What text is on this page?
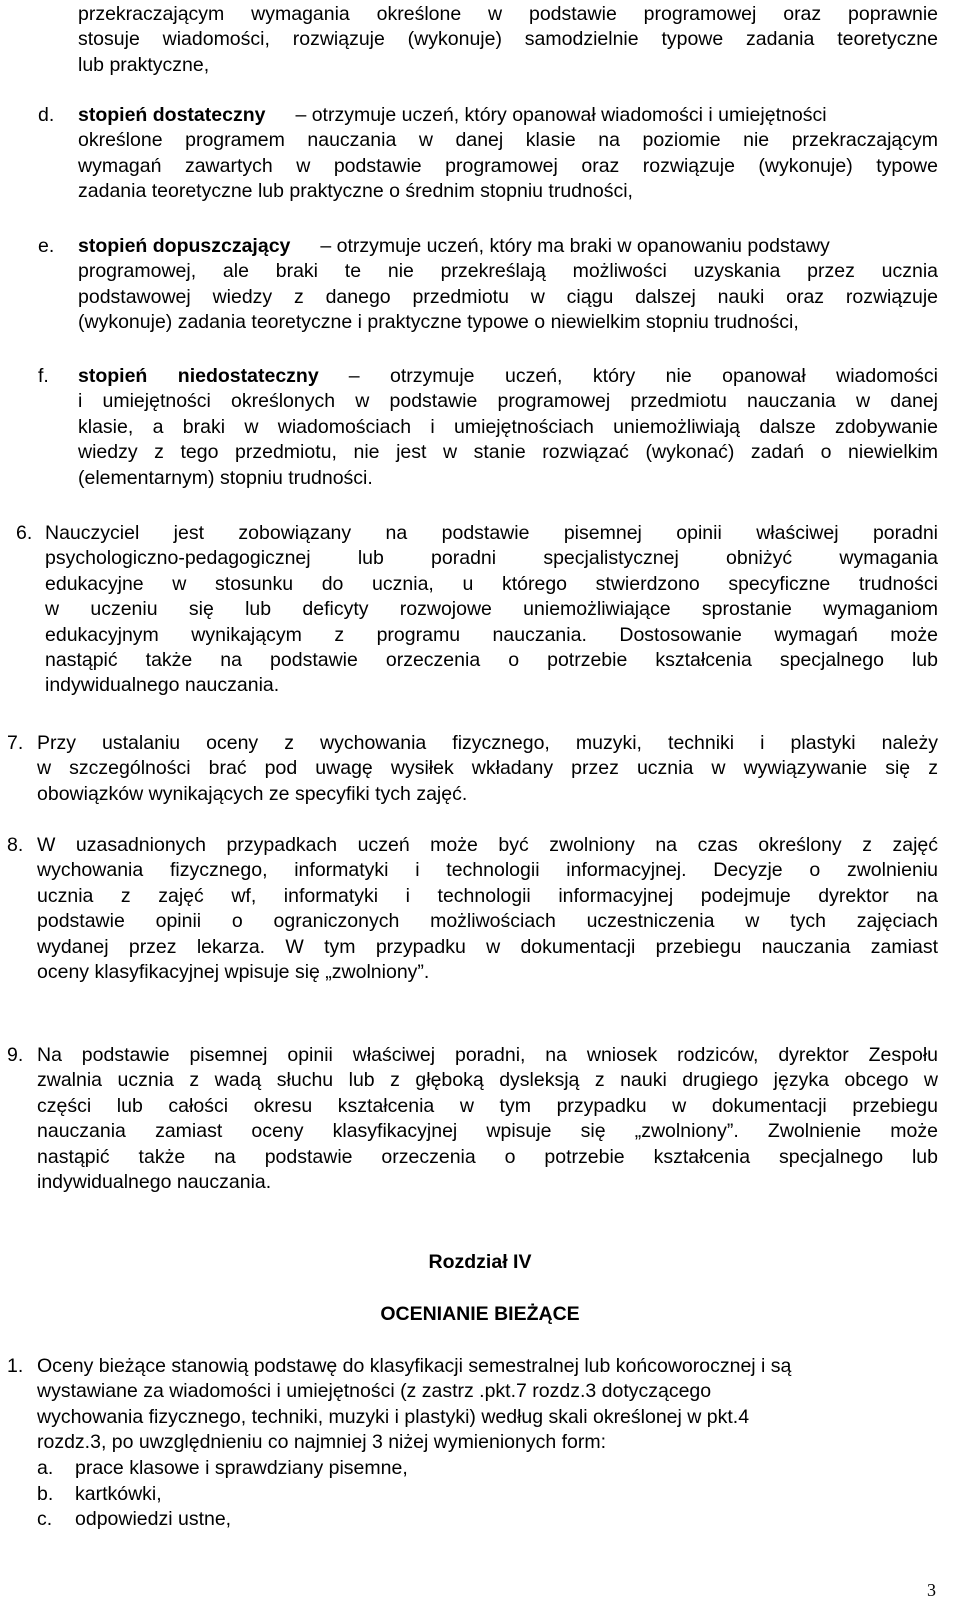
przekraczającym wymagania określone w podstawie programowej oraz poprawnie
stosuje wiadomości, rozwiązuje (wykonuje) samodzielnie typowe zadania teoretyczne
lub praktyczne,
d. stopień dostateczny – otrzymuje uczeń, który opanował wiadomości i umiejętności
określone programem nauczania w danej klasie na poziomie nie przekraczającym
wymagań zawartych w podstawie programowej oraz rozwiązuje (wykonuje) typowe
zadania teoretyczne lub praktyczne o średnim stopniu trudności,
e. stopień dopuszczający – otrzymuje uczeń, który ma braki w opanowaniu podstawy
programowej, ale braki te nie przekreślają możliwości uzyskania przez ucznia
podstawowej wiedzy z danego przedmiotu w ciągu dalszej nauki oraz rozwiązuje
(wykonuje) zadania teoretyczne i praktyczne typowe o niewielkim stopniu trudności,
f. stopień niedostateczny – otrzymuje uczeń, który nie opanował wiadomości
i umiejętności określonych w podstawie programowej przedmiotu nauczania w danej
klasie, a braki w wiadomościach i umiejętnościach uniemożliwiają dalsze zdobywanie
wiedzy z tego przedmiotu, nie jest w stanie rozwiązać (wykonać) zadań o niewielkim
(elementarnym) stopniu trudności.
6. Nauczyciel jest zobowiązany na podstawie pisemnej opinii właściwej poradni
psychologiczno-pedagogicznej lub poradni specjalistycznej obniżyć wymagania
edukacyjne w stosunku do ucznia, u którego stwierdzono specyficzne trudności
w uczeniu się lub deficyty rozwojowe uniemożliwiające sprostanie wymaganiom
edukacyjnym wynikającym z programu nauczania. Dostosowanie wymagań może
nastąpić także na podstawie orzeczenia o potrzebie kształcenia specjalnego lub
indywidualnego nauczania.
7. Przy ustalaniu oceny z wychowania fizycznego, muzyki, techniki i plastyki należy
w szczególności brać pod uwagę wysiłek wkładany przez ucznia w wywiązywanie się z
obowiązków wynikających ze specyfiki tych zajęć.
8. W uzasadnionych przypadkach uczeń może być zwolniony na czas określony z zajęć
wychowania fizycznego, informatyki i technologii informacyjnej. Decyzje o zwolnieniu
ucznia z zajęć wf, informatyki i technologii informacyjnej podejmuje dyrektor na
podstawie opinii o ograniczonych możliwościach uczestniczenia w tych zajęciach
wydanej przez lekarza. W tym przypadku w dokumentacji przebiegu nauczania zamiast
oceny klasyfikacyjnej wpisuje się „zwolniony”.
9. Na podstawie pisemnej opinii właściwej poradni, na wniosek rodziców, dyrektor Zespołu
zwalnia ucznia z wadą słuchu lub z głęboką dysleksją z nauki drugiego języka obcego w
części lub całości okresu kształcenia w tym przypadku w dokumentacji przebiegu
nauczania zamiast oceny klasyfikacyjnej wpisuje się „zwolniony”. Zwolnienie może
nastąpić także na podstawie orzeczenia o potrzebie kształcenia specjalnego lub
indywidualnego nauczania.
Rozdział IV
OCENIANIE BIEŻĄCE
1. Oceny bieżące stanowią podstawę do klasyfikacji semestralnej lub końcoworocznej i są
wystawiane za wiadomości i umiejętności (z zastrz .pkt.7 rozdz.3 dotyczącego
wychowania fizycznego, techniki, muzyki i plastyki) według skali określonej w pkt.4
rozdz.3, po uwzględnieniu co najmniej 3 niżej wymienionych form:
a. prace klasowe i sprawdziany pisemne,
b. kartkówki,
c. odpowiedzi ustne,
3
